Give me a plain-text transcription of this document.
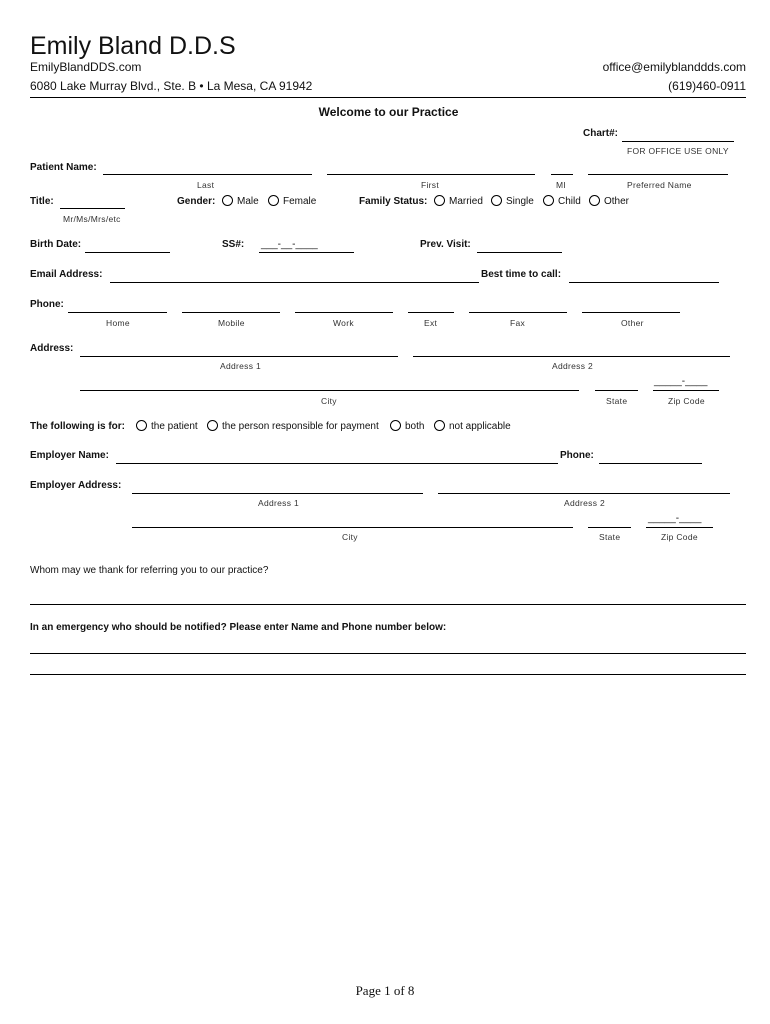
Emily Bland D.D.S
EmilyBlandDDS.com
6080 Lake Murray Blvd., Ste. B • La Mesa, CA 91942
office@emilyblanddds.com
(619)460-0911
Welcome to our Practice
Chart#:
FOR OFFICE USE ONLY
Patient Name:
Last	First	MI	Preferred Name
Title:
Mr/Ms/Mrs/etc
Gender: Male Female	Family Status: Married Single Child Other
Birth Date:	SS#: ___-__-____	Prev. Visit:
Email Address:	Best time to call:
Phone:
Home	Mobile	Work	Ext	Fax	Other
Address:
Address 1	Address 2
_____-____
City	State	Zip Code
The following is for:	the patient the person responsible for payment	both not applicable
Employer Name:	Phone:
Employer Address:
Address 1	Address 2
_____-____
City	State	Zip Code
Whom may we thank for referring you to our practice?
In an emergency who should be notified? Please enter Name and Phone number below:
Page 1 of 8
